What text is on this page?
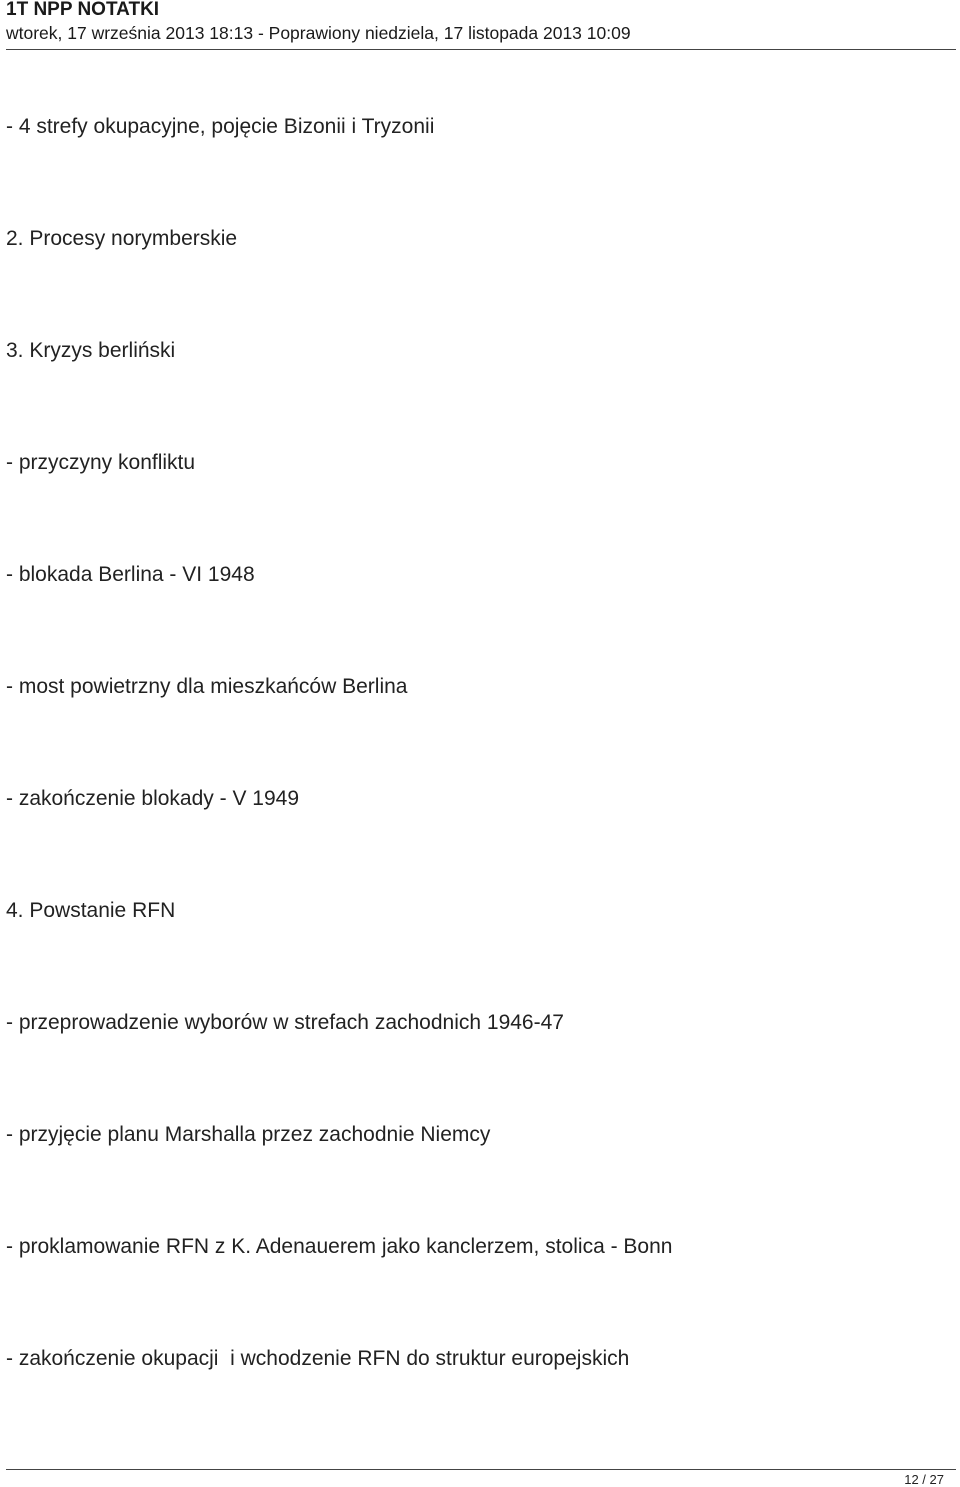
1T NPP NOTATKI
wtorek, 17 września 2013 18:13 - Poprawiony niedziela, 17 listopada 2013 10:09
- 4 strefy okupacyjne, pojęcie Bizonii i Tryzonii
2. Procesy norymberskie
3. Kryzys berliński
- przyczyny konfliktu
- blokada Berlina - VI 1948
- most powietrzny dla mieszkańców Berlina
- zakończenie blokady - V 1949
4. Powstanie RFN
- przeprowadzenie wyborów w strefach zachodnich 1946-47
- przyjęcie planu Marshalla przez zachodnie Niemcy
- proklamowanie RFN z K. Adenauerem jako kanclerzem, stolica - Bonn
- zakończenie okupacji  i wchodzenie RFN do struktur europejskich
12 / 27
